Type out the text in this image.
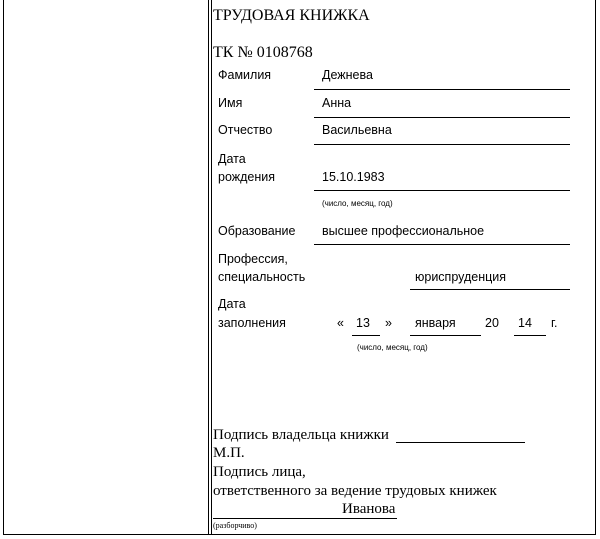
ТРУДОВАЯ КНИЖКА
ТК № 0108768
Фамилия	Дежнева
Имя	Анна
Отчество	Васильевна
Дата
рождения	15.10.1983
(число, месяц, год)
Образование высшее профессиональное
Профессия,
специальность	юриспруденция
Дата
заполнения	« 13 » января 20 14 г.
(число, месяц, год)
Подпись владельца книжки
М.П.
Подпись лица,
ответственного за ведение трудовых книжек
Иванова
(разборчиво)
